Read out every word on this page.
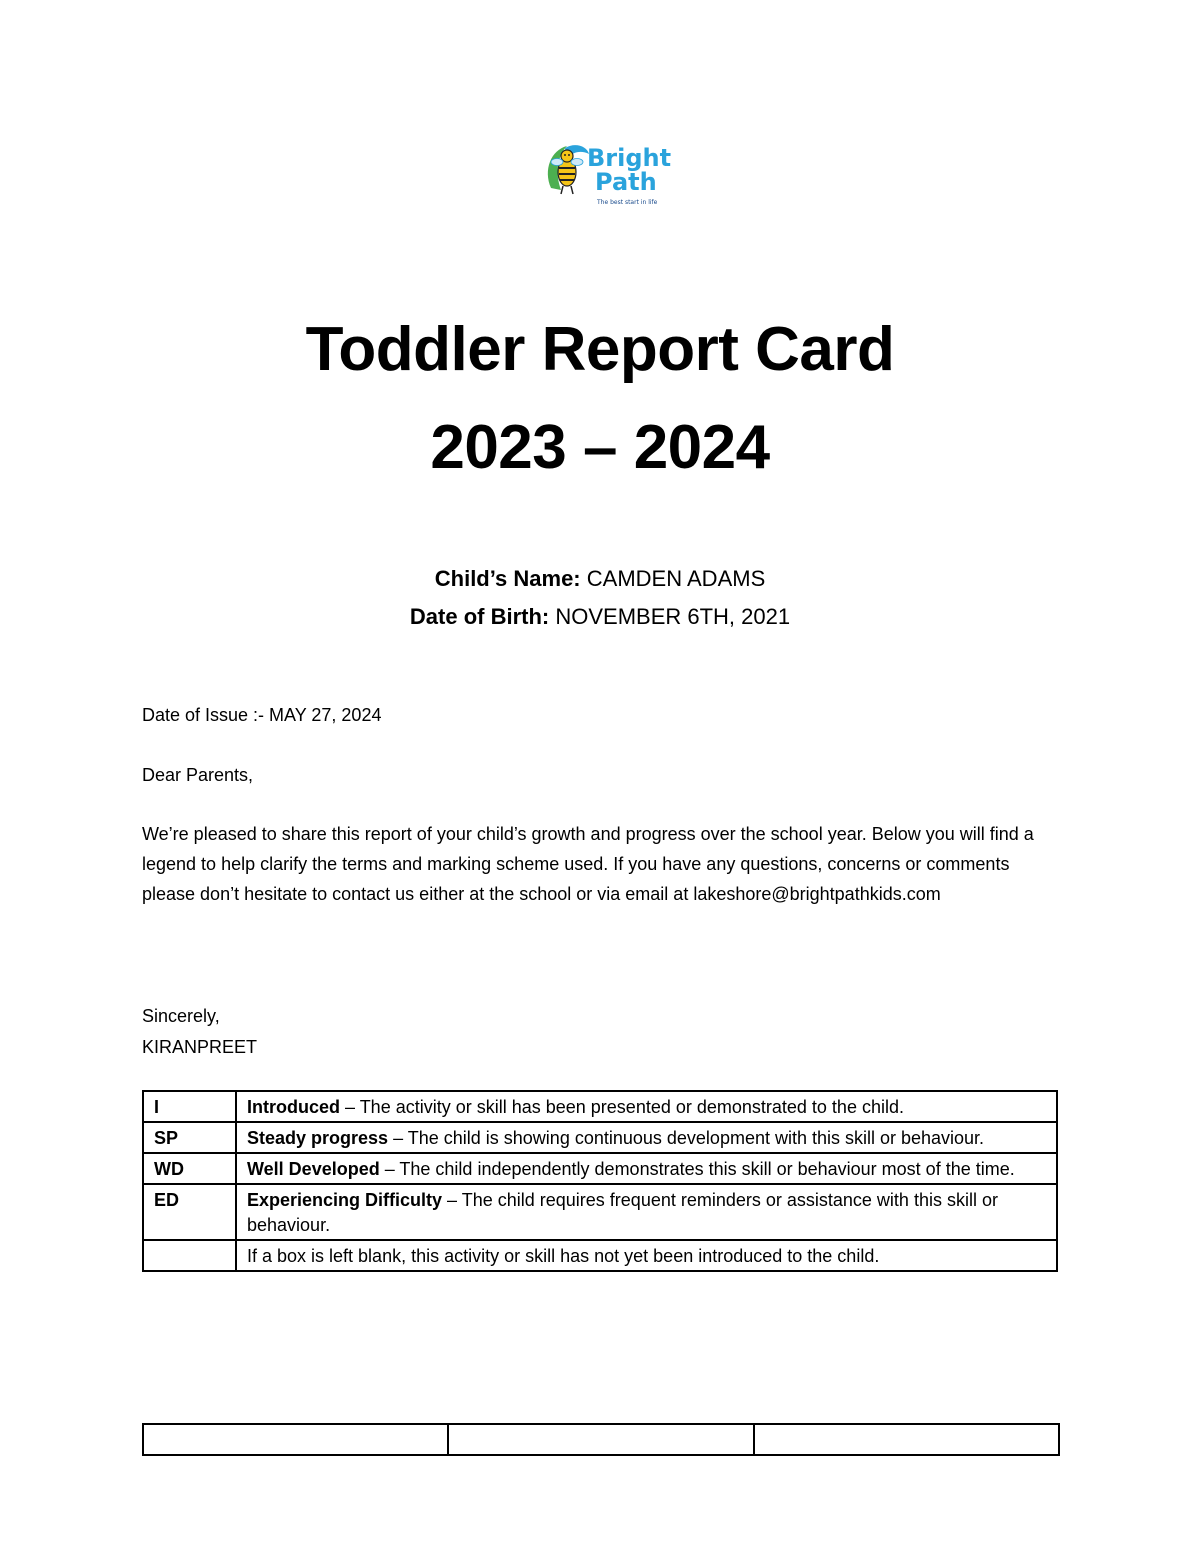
Bright
Path
The best start in life
Toddler Report Card
2023 – 2024

Child’s Name: CAMDEN ADAMS

Date of Birth: NOVEMBER 6TH, 2021

Date of Issue :- MAY 27, 2024

Dear Parents,

We’re pleased to share this report of your child’s growth and progress over the school year. Below you will find a legend to help clarify the terms and marking scheme used. If you have any questions, concerns or comments please don’t hesitate to contact us either at the school or via email at lakeshore@brightpathkids.com

Sincerely,

KIRANPREET

I	Introduced – The activity or skill has been presented or demonstrated to the child.
SP	Steady progress – The child is showing continuous development with this skill or behaviour.
WD	Well Developed – The child independently demonstrates this skill or behaviour most of the time.
ED	Experiencing Difficulty – The child requires frequent reminders or assistance with this skill or behaviour.
	If a box is left blank, this activity or skill has not yet been introduced to the child.
